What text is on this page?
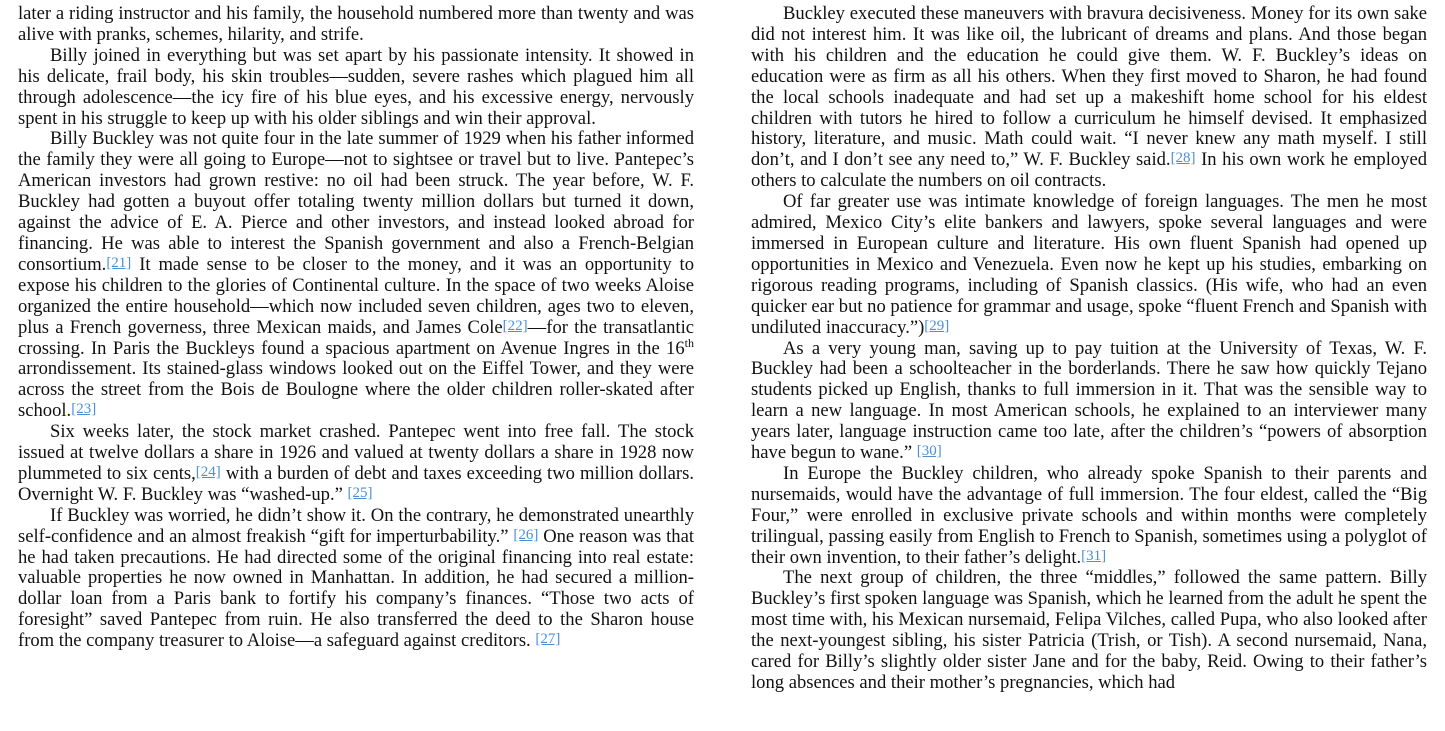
later a riding instructor and his family, the household numbered more than twenty and was alive with pranks, schemes, hilarity, and strife.

Billy joined in everything but was set apart by his passionate intensity. It showed in his delicate, frail body, his skin troubles—sudden, severe rashes which plagued him all through adolescence—the icy fire of his blue eyes, and his excessive energy, nervously spent in his struggle to keep up with his older siblings and win their approval.

Billy Buckley was not quite four in the late summer of 1929 when his father informed the family they were all going to Europe—not to sightsee or travel but to live. Pantepec’s American investors had grown restive: no oil had been struck. The year before, W. F. Buckley had gotten a buyout offer totaling twenty million dollars but turned it down, against the advice of E. A. Pierce and other investors, and instead looked abroad for financing. He was able to interest the Spanish government and also a French-Belgian consortium.[21] It made sense to be closer to the money, and it was an opportunity to expose his children to the glories of Continental culture. In the space of two weeks Aloise organized the entire household—which now included seven children, ages two to eleven, plus a French governess, three Mexican maids, and James Cole[22]—for the transatlantic crossing. In Paris the Buckleys found a spacious apartment on Avenue Ingres in the 16th arrondissement. Its stained-glass windows looked out on the Eiffel Tower, and they were across the street from the Bois de Boulogne where the older children roller-skated after school.[23]

Six weeks later, the stock market crashed. Pantepec went into free fall. The stock issued at twelve dollars a share in 1926 and valued at twenty dollars a share in 1928 now plummeted to six cents,[24] with a burden of debt and taxes exceeding two million dollars. Overnight W. F. Buckley was “washed-up.” [25]

If Buckley was worried, he didn’t show it. On the contrary, he demonstrated unearthly self-confidence and an almost freakish “gift for imperturbability.” [26] One reason was that he had taken precautions. He had directed some of the original financing into real estate: valuable properties he now owned in Manhattan. In addition, he had secured a million-dollar loan from a Paris bank to fortify his company’s finances. “Those two acts of foresight” saved Pantepec from ruin. He also transferred the deed to the Sharon house from the company treasurer to Aloise—a safeguard against creditors. [27]

Buckley executed these maneuvers with bravura decisiveness. Money for its own sake did not interest him. It was like oil, the lubricant of dreams and plans. And those began with his children and the education he could give them. W. F. Buckley’s ideas on education were as firm as all his others. When they first moved to Sharon, he had found the local schools inadequate and had set up a makeshift home school for his eldest children with tutors he hired to follow a curriculum he himself devised. It emphasized history, literature, and music. Math could wait. “I never knew any math myself. I still don’t, and I don’t see any need to,” W. F. Buckley said.[28] In his own work he employed others to calculate the numbers on oil contracts.

Of far greater use was intimate knowledge of foreign languages. The men he most admired, Mexico City’s elite bankers and lawyers, spoke several languages and were immersed in European culture and literature. His own fluent Spanish had opened up opportunities in Mexico and Venezuela. Even now he kept up his studies, embarking on rigorous reading programs, including of Spanish classics. (His wife, who had an even quicker ear but no patience for grammar and usage, spoke “fluent French and Spanish with undiluted inaccuracy.”)[29]

As a very young man, saving up to pay tuition at the University of Texas, W. F. Buckley had been a schoolteacher in the borderlands. There he saw how quickly Tejano students picked up English, thanks to full immersion in it. That was the sensible way to learn a new language. In most American schools, he explained to an interviewer many years later, language instruction came too late, after the children’s “powers of absorption have begun to wane.” [30]

In Europe the Buckley children, who already spoke Spanish to their parents and nursemaids, would have the advantage of full immersion. The four eldest, called the “Big Four,” were enrolled in exclusive private schools and within months were completely trilingual, passing easily from English to French to Spanish, sometimes using a polyglot of their own invention, to their father’s delight.[31]

The next group of children, the three “middles,” followed the same pattern. Billy Buckley’s first spoken language was Spanish, which he learned from the adult he spent the most time with, his Mexican nursemaid, Felipa Vilches, called Pupa, who also looked after the next-youngest sibling, his sister Patricia (Trish, or Tish). A second nursemaid, Nana, cared for Billy’s slightly older sister Jane and for the baby, Reid. Owing to their father’s long absences and their mother’s pregnancies, which had
